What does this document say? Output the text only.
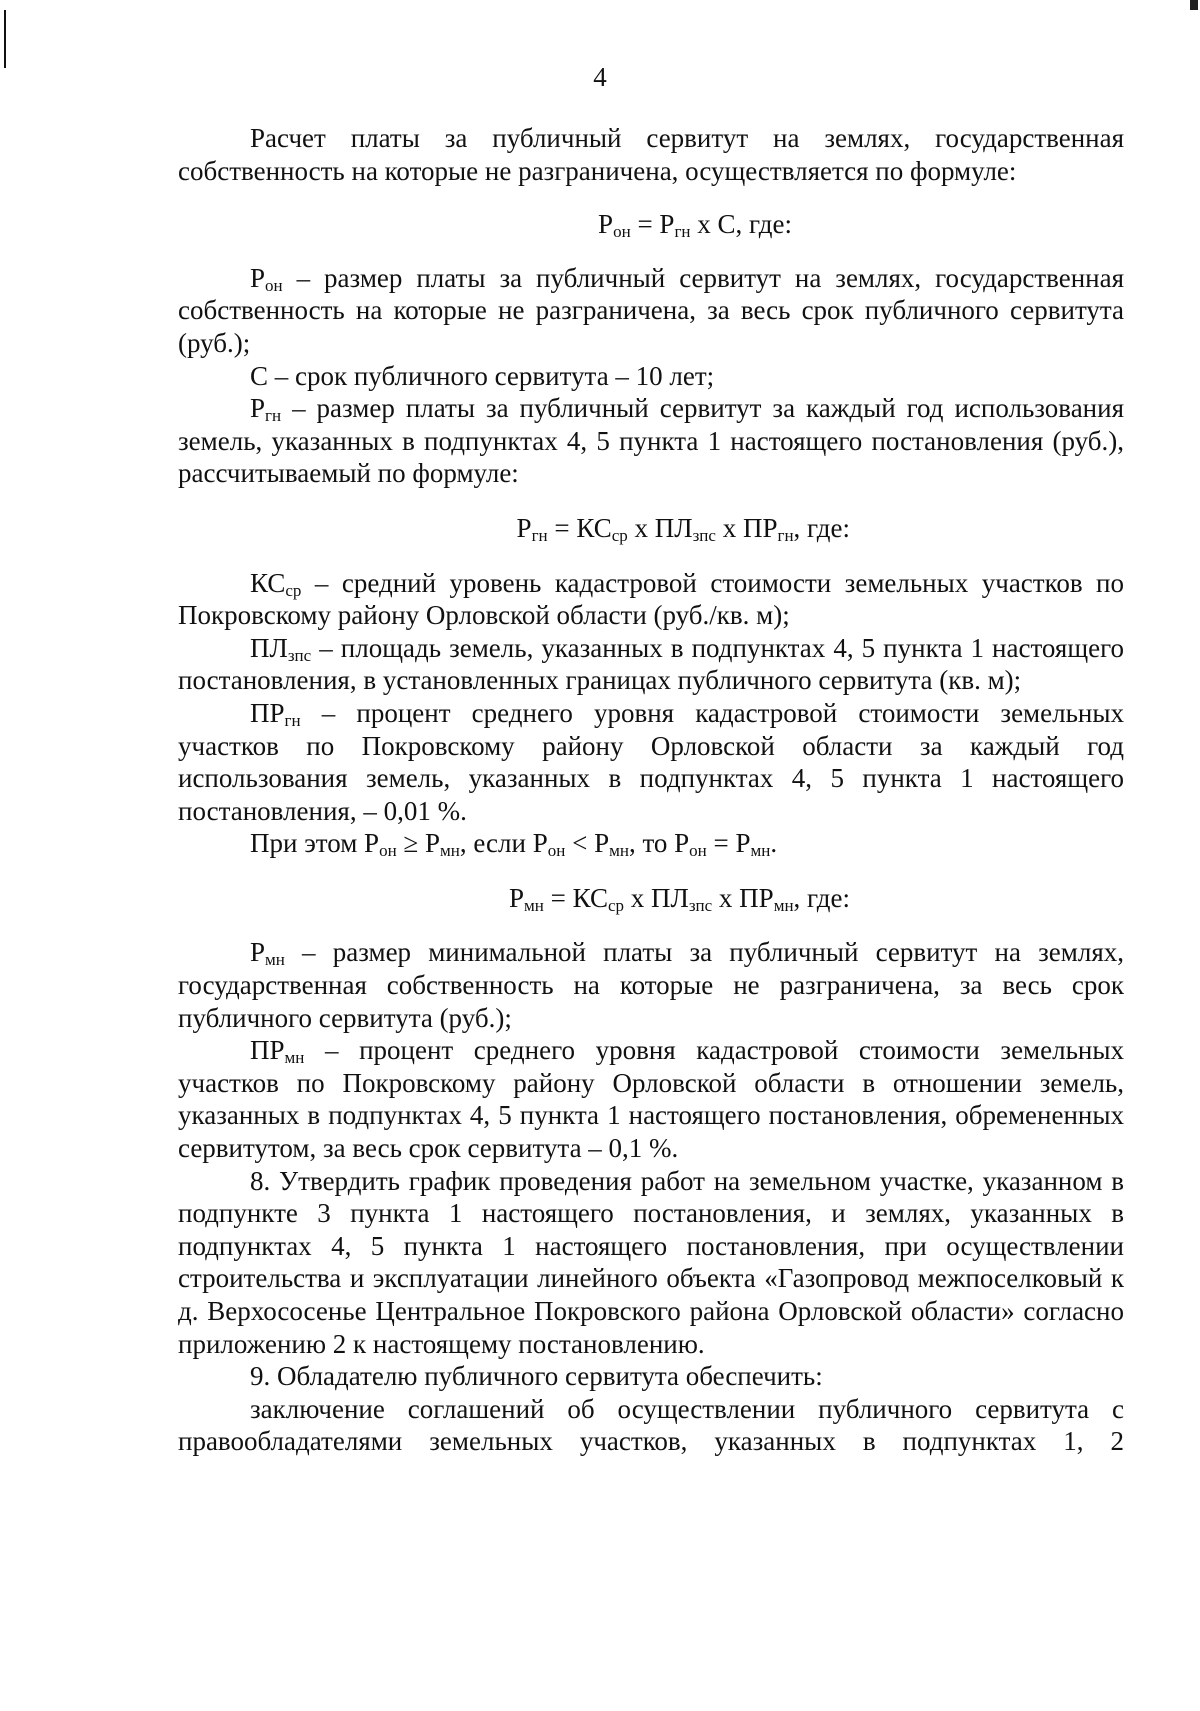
4

Расчет платы за публичный сервитут на землях, государственная собственность на которые не разграничена, осуществляется по формуле:

$Р_{он} = Р_{гн}$ х С, где:

$Р_{он}$ – размер платы за публичный сервитут на землях, государственная собственность на которые не разграничена, за весь срок публичного сервитута (руб.);

С – срок публичного сервитута – 10 лет;

$Р_{гн}$ – размер платы за публичный сервитут за каждый год использования земель, указанных в подпунктах 4, 5 пункта 1 настоящего постановления (руб.), рассчитываемый по формуле:

$Р_{гн} = КС_{ср}$ х $ПЛ_{зпс}$ х $ПР_{гн}$, где:

$КС_{ср}$ – средний уровень кадастровой стоимости земельных участков по Покровскому району Орловской области (руб./кв. м);

$ПЛ_{зпс}$ – площадь земель, указанных в подпунктах 4, 5 пункта 1 настоящего постановления, в установленных границах публичного сервитута (кв. м);

$ПР_{гн}$ – процент среднего уровня кадастровой стоимости земельных участков по Покровскому району Орловской области за каждый год использования земель, указанных в подпунктах 4, 5 пункта 1 настоящего постановления, – 0,01 %.

При этом $Р_{он} \ge Р_{мн}$, если $Р_{он} < Р_{мн}$, то $Р_{он} = Р_{мн}$.

$Р_{мн} = КС_{ср}$ х $ПЛ_{зпс}$ х $ПР_{мн}$, где:

$Р_{мн}$ – размер минимальной платы за публичный сервитут на землях, государственная собственность на которые не разграничена, за весь срок публичного сервитута (руб.);

$ПР_{мн}$ – процент среднего уровня кадастровой стоимости земельных участков по Покровскому району Орловской области в отношении земель, указанных в подпунктах 4, 5 пункта 1 настоящего постановления, обремененных сервитутом, за весь срок сервитута – 0,1 %.

8. Утвердить график проведения работ на земельном участке, указанном в подпункте 3 пункта 1 настоящего постановления, и землях, указанных в подпунктах 4, 5 пункта 1 настоящего постановления, при осуществлении строительства и эксплуатации линейного объекта «Газопровод межпоселковый к д. Верхососенье Центральное Покровского района Орловской области» согласно приложению 2 к настоящему постановлению.

9. Обладателю публичного сервитута обеспечить:

заключение соглашений об осуществлении публичного сервитута с правообладателями земельных участков, указанных в подпунктах 1, 2
